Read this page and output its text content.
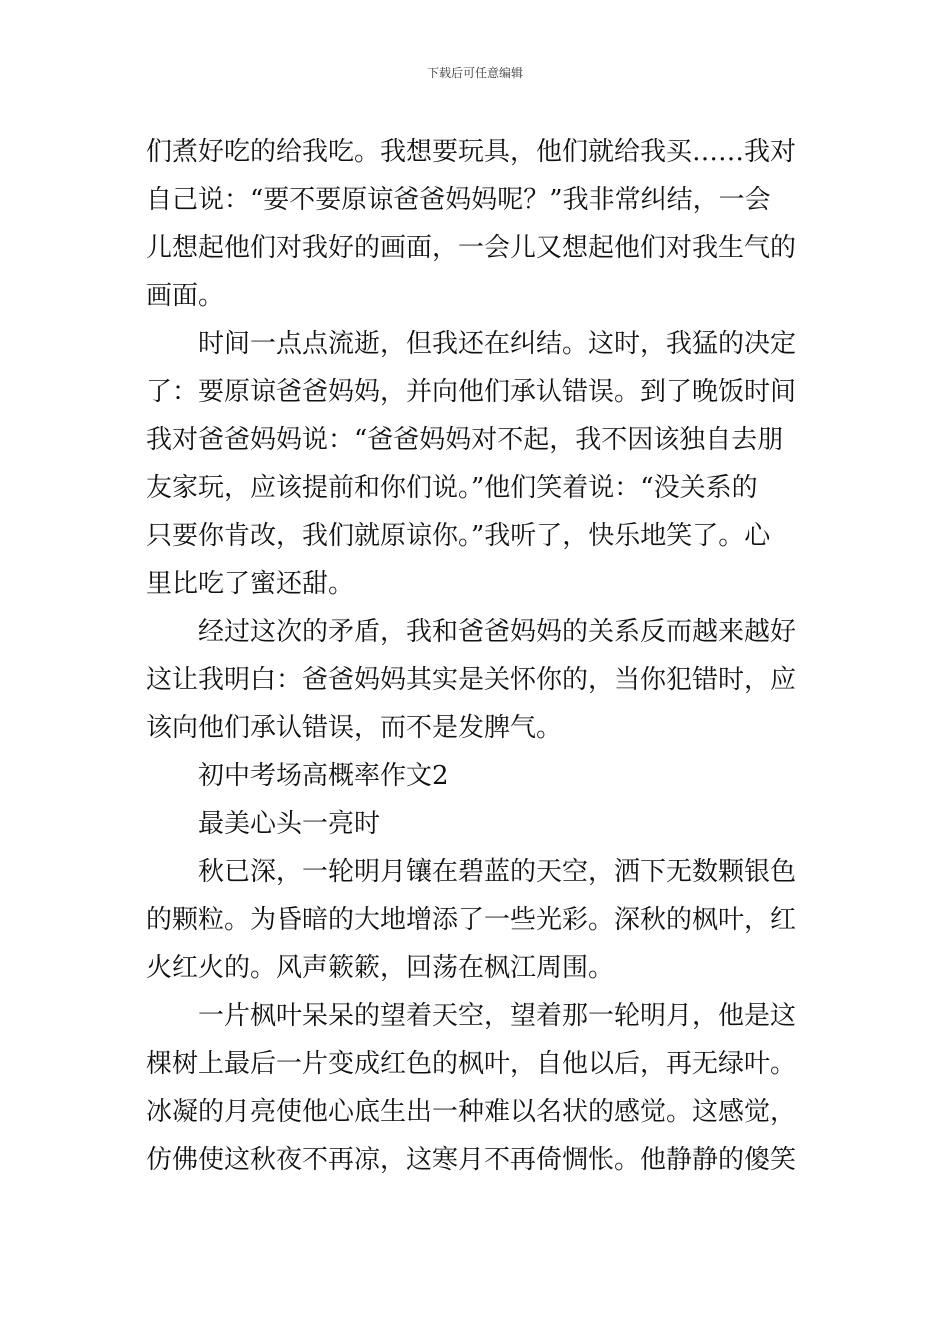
下载后可任意编辑
们煮好吃的给我吃。我想要玩具，他们就给我买……我对
自己说：“要不要原谅爸爸妈妈呢？”我非常纠结，一会
儿想起他们对我好的画面，一会儿又想起他们对我生气的
画面。
时间一点点流逝，但我还在纠结。这时，我猛的决定
了：要原谅爸爸妈妈，并向他们承认错误。到了晚饭时间
我对爸爸妈妈说：“爸爸妈妈对不起，我不因该独自去朋
友家玩，应该提前和你们说。”他们笑着说：“没关系的
只要你肯改，我们就原谅你。”我听了，快乐地笑了。心
里比吃了蜜还甜。
经过这次的矛盾，我和爸爸妈妈的关系反而越来越好
这让我明白：爸爸妈妈其实是关怀你的，当你犯错时，应
该向他们承认错误，而不是发脾气。
初中考场高概率作文2
最美心头一亮时
秋已深，一轮明月镶在碧蓝的天空，洒下无数颗银色
的颗粒。为昏暗的大地增添了一些光彩。深秋的枫叶，红
火红火的。风声簌簌，回荡在枫江周围。
一片枫叶呆呆的望着天空，望着那一轮明月，他是这
棵树上最后一片变成红色的枫叶，自他以后，再无绿叶。
冰凝的月亮使他心底生出一种难以名状的感觉。这感觉，
仿佛使这秋夜不再凉，这寒月不再倚惆怅。他静静的傻笑
